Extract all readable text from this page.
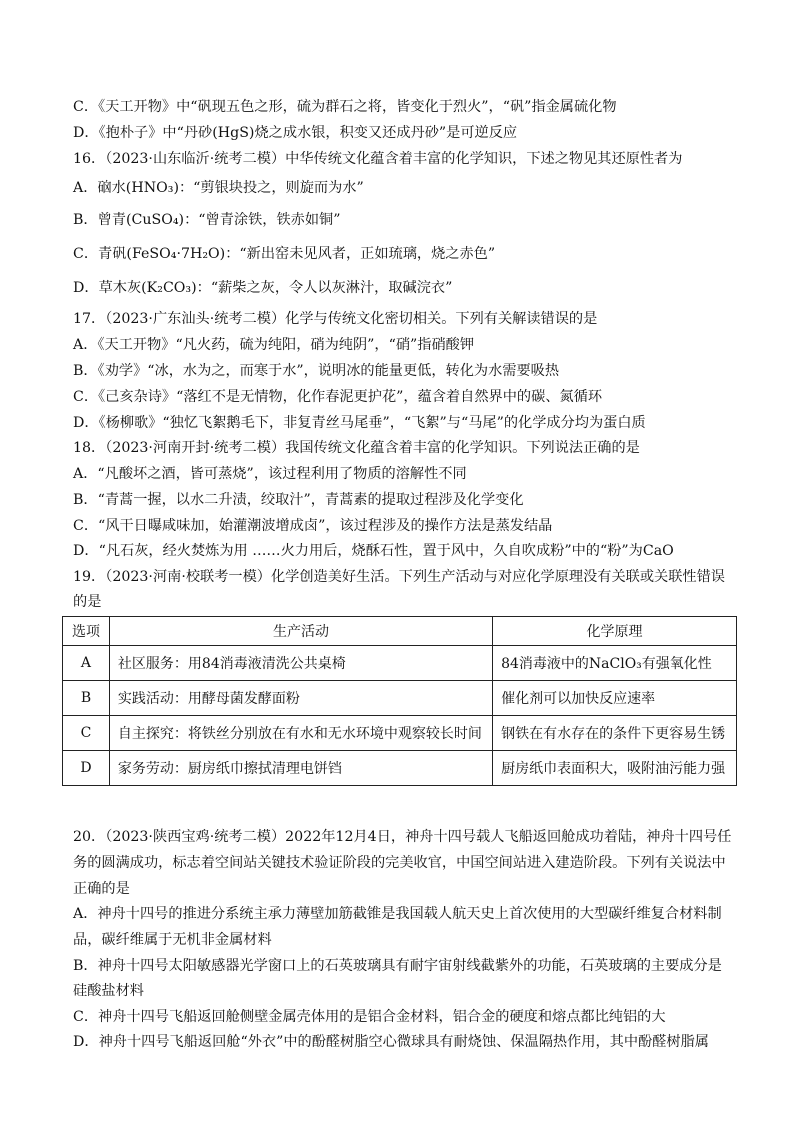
C．《天工开物》中“矾现五色之形，硫为群石之将，皆变化于烈火”，“矾”指金属硫化物
D．《抱朴子》中“丹砂(HgS)烧之成水银，积变又还成丹砂”是可逆反应
16．（2023·山东临沂·统考二模）中华传统文化蕴含着丰富的化学知识，下述之物见其还原性者为
A．硇水(HNO₃)：“剪银块投之，则旋而为水”
B．曾青(CuSO₄)：“曾青涂铁，铁赤如铜”
C．青矾(FeSO₄·7H₂O)：“新出窑未见风者，正如琉璃，烧之赤色”
D．草木灰(K₂CO₃)：“薪柴之灰，令人以灰淋汁，取碱浣衣”
17．（2023·广东汕头·统考二模）化学与传统文化密切相关。下列有关解读错误的是
A．《天工开物》“凡火药，硫为纯阳，硝为纯阴”，“硝”指硝酸钾
B．《劝学》“冰，水为之，而寒于水”，说明冰的能量更低，转化为水需要吸热
C．《己亥杂诗》“落红不是无情物，化作春泥更护花”，蕴含着自然界中的碳、氮循环
D．《杨柳歌》“独忆飞絮鹅毛下，非复青丝马尾垂”，“飞絮”与“马尾”的化学成分均为蛋白质
18．（2023·河南开封·统考二模）我国传统文化蕴含着丰富的化学知识。下列说法正确的是
A．“凡酸坏之酒，皆可蒸烧”，该过程利用了物质的溶解性不同
B．“青蒿一握，以水二升渍，绞取汁”，青蒿素的提取过程涉及化学变化
C．“风干日曝咸味加，始灌潮波增成卤”，该过程涉及的操作方法是蒸发结晶
D．“凡石灰，经火焚炼为用 ……火力用后，烧酥石性，置于风中，久自吹成粉”中的“粉”为CaO
19．（2023·河南·校联考一模）化学创造美好生活。下列生产活动与对应化学原理没有关联或关联性错误
的是
选项	生产活动	化学原理
A	社区服务：用84消毒液清洗公共桌椅	84消毒液中的NaClO₃有强氧化性
B	实践活动：用酵母菌发酵面粉	催化剂可以加快反应速率
C	自主探究：将铁丝分别放在有水和无水环境中观察较长时间	钢铁在有水存在的条件下更容易生锈
D	家务劳动：厨房纸巾擦拭清理电饼铛	厨房纸巾表面积大，吸附油污能力强
20．（2023·陕西宝鸡·统考二模）2022年12月4日，神舟十四号载人飞船返回舱成功着陆，神舟十四号任
务的圆满成功，标志着空间站关键技术验证阶段的完美收官，中国空间站进入建造阶段。下列有关说法中
正确的是
A．神舟十四号的推进分系统主承力薄壁加筋截锥是我国载人航天史上首次使用的大型碳纤维复合材料制
品，碳纤维属于无机非金属材料
B．神舟十四号太阳敏感器光学窗口上的石英玻璃具有耐宇宙射线截紫外的功能，石英玻璃的主要成分是
硅酸盐材料
C．神舟十四号飞船返回舱侧壁金属壳体用的是铝合金材料，铝合金的硬度和熔点都比纯铝的大
D．神舟十四号飞船返回舱“外衣”中的酚醛树脂空心微球具有耐烧蚀、保温隔热作用，其中酚醛树脂属
